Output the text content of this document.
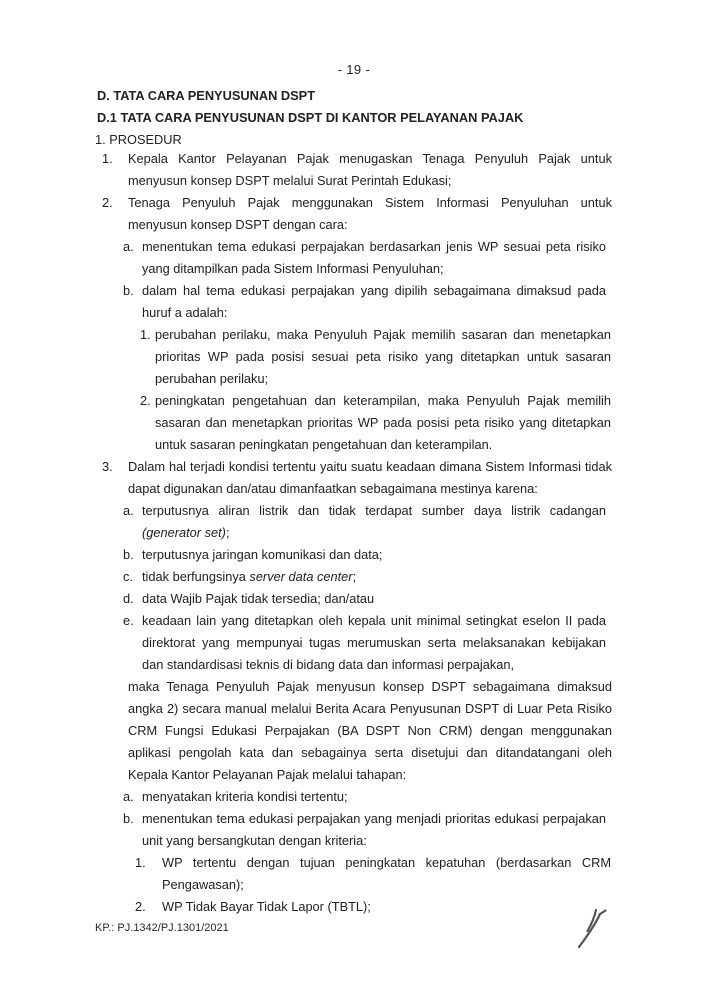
- 19 -
D. TATA CARA PENYUSUNAN DSPT
D.1 TATA CARA PENYUSUNAN DSPT DI KANTOR PELAYANAN PAJAK
1. PROSEDUR
1. Kepala Kantor Pelayanan Pajak menugaskan Tenaga Penyuluh Pajak untuk menyusun konsep DSPT melalui Surat Perintah Edukasi;
2. Tenaga Penyuluh Pajak menggunakan Sistem Informasi Penyuluhan untuk menyusun konsep DSPT dengan cara:
a. menentukan tema edukasi perpajakan berdasarkan jenis WP sesuai peta risiko yang ditampilkan pada Sistem Informasi Penyuluhan;
b. dalam hal tema edukasi perpajakan yang dipilih sebagaimana dimaksud pada huruf a adalah:
1. perubahan perilaku, maka Penyuluh Pajak memilih sasaran dan menetapkan prioritas WP pada posisi sesuai peta risiko yang ditetapkan untuk sasaran perubahan perilaku;
2. peningkatan pengetahuan dan keterampilan, maka Penyuluh Pajak memilih sasaran dan menetapkan prioritas WP pada posisi peta risiko yang ditetapkan untuk sasaran peningkatan pengetahuan dan keterampilan.
3. Dalam hal terjadi kondisi tertentu yaitu suatu keadaan dimana Sistem Informasi tidak dapat digunakan dan/atau dimanfaatkan sebagaimana mestinya karena:
a. terputusnya aliran listrik dan tidak terdapat sumber daya listrik cadangan (generator set);
b. terputusnya jaringan komunikasi dan data;
c. tidak berfungsinya server data center;
d. data Wajib Pajak tidak tersedia; dan/atau
e. keadaan lain yang ditetapkan oleh kepala unit minimal setingkat eselon II pada direktorat yang mempunyai tugas merumuskan serta melaksanakan kebijakan dan standardisasi teknis di bidang data dan informasi perpajakan,
maka Tenaga Penyuluh Pajak menyusun konsep DSPT sebagaimana dimaksud angka 2) secara manual melalui Berita Acara Penyusunan DSPT di Luar Peta Risiko CRM Fungsi Edukasi Perpajakan (BA DSPT Non CRM) dengan menggunakan aplikasi pengolah kata dan sebagainya serta disetujui dan ditandatangani oleh Kepala Kantor Pelayanan Pajak melalui tahapan:
a. menyatakan kriteria kondisi tertentu;
b. menentukan tema edukasi perpajakan yang menjadi prioritas edukasi perpajakan unit yang bersangkutan dengan kriteria:
1. WP tertentu dengan tujuan peningkatan kepatuhan (berdasarkan CRM Pengawasan);
2. WP Tidak Bayar Tidak Lapor (TBTL);
KP.: PJ.1342/PJ.1301/2021
